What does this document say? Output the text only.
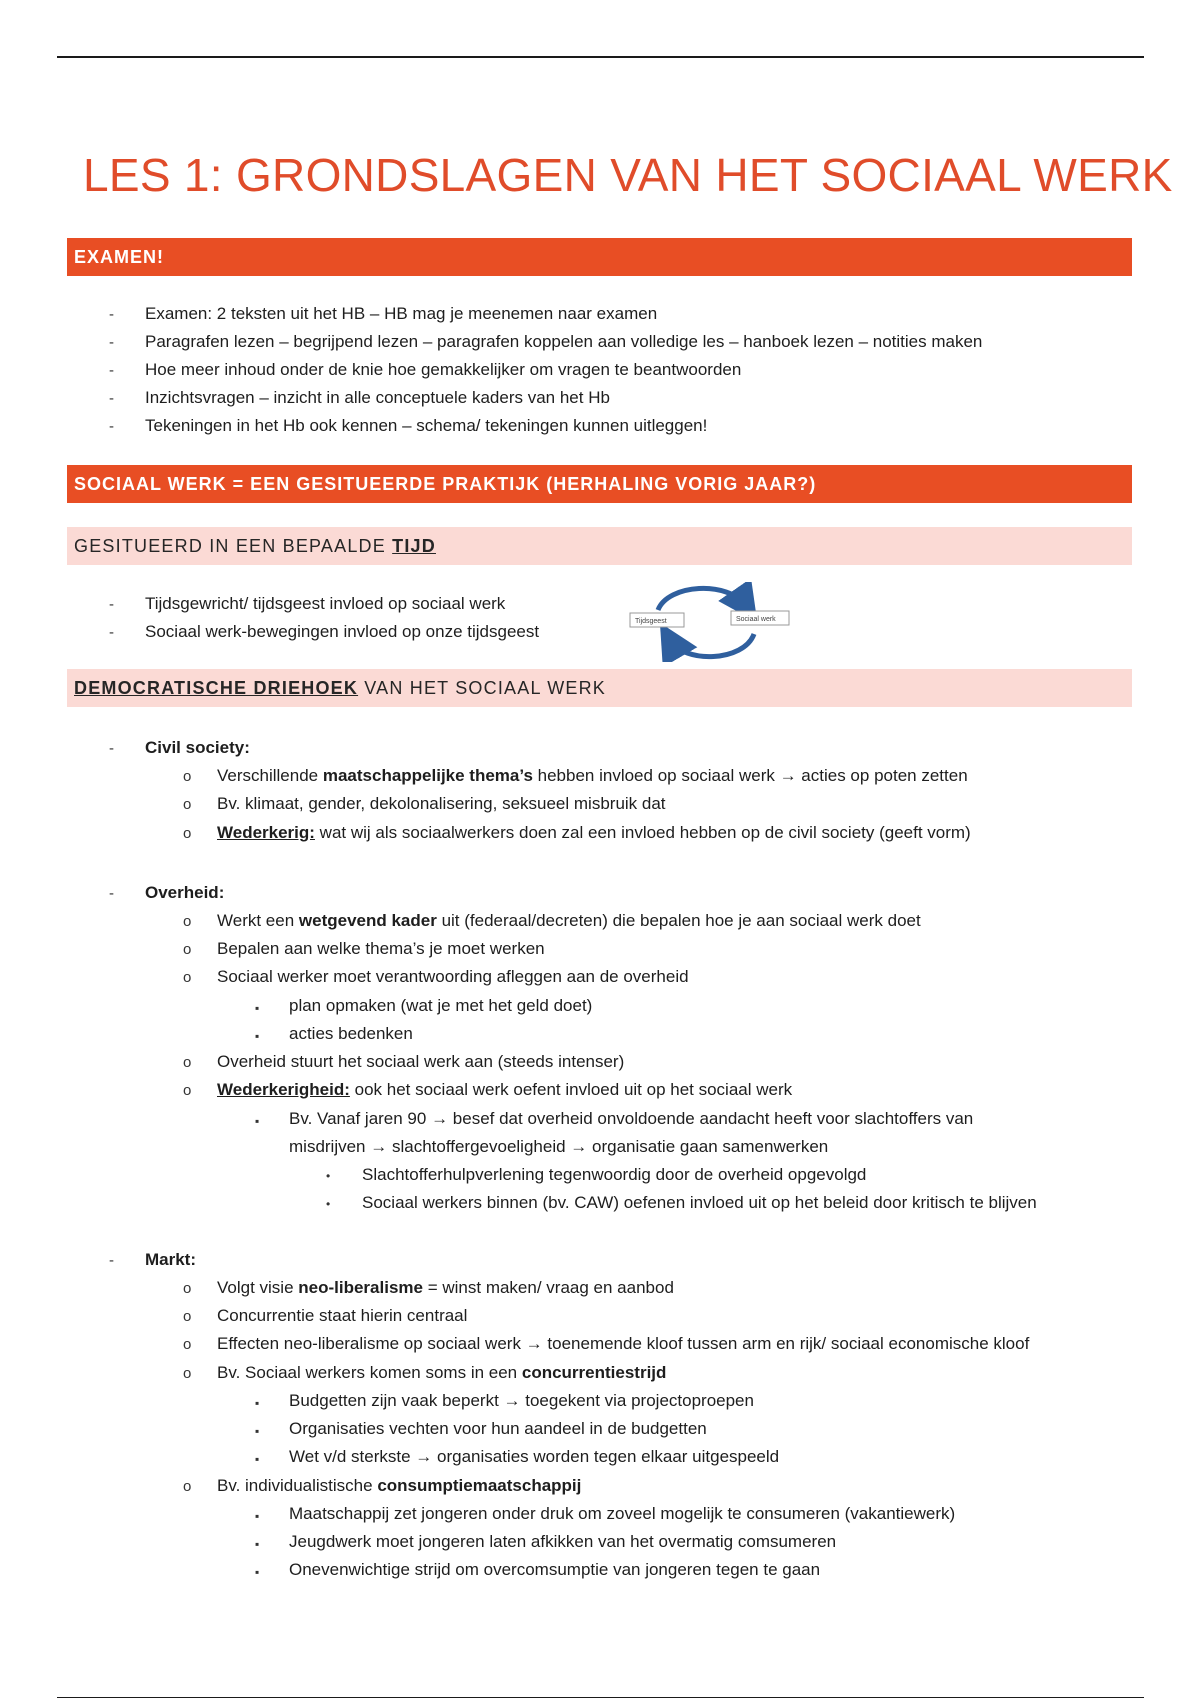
LES 1: GRONDSLAGEN VAN HET SOCIAAL WERK
EXAMEN!
- Examen: 2 teksten uit het HB – HB mag je meenemen naar examen
- Paragrafen lezen – begrijpend lezen – paragrafen koppelen aan volledige les – hanboek lezen – notities maken
- Hoe meer inhoud onder de knie hoe gemakkelijker om vragen te beantwoorden
- Inzichtsvragen – inzicht in alle conceptuele kaders van het Hb
- Tekeningen in het Hb ook kennen – schema/ tekeningen kunnen uitleggen!
SOCIAAL WERK = EEN GESITUEERDE PRAKTIJK (HERHALING VORIG JAAR?)
GESITUEERD IN EEN BEPAALDE TIJD
- Tijdsgewricht/ tijdsgeest invloed op sociaal werk
- Sociaal werk-bewegingen invloed op onze tijdsgeest
Tijdsgeest	Sociaal werk
DEMOCRATISCHE DRIEHOEK VAN HET SOCIAAL WERK
- Civil society:
o Verschillende maatschappelijke thema’s hebben invloed op sociaal werk → acties op poten zetten
o Bv. klimaat, gender, dekolonalisering, seksueel misbruik dat
o Wederkerig: wat wij als sociaalwerkers doen zal een invloed hebben op de civil society (geeft vorm)
- Overheid:
o Werkt een wetgevend kader uit (federaal/decreten) die bepalen hoe je aan sociaal werk doet
o Bepalen aan welke thema’s je moet werken
o Sociaal werker moet verantwoording afleggen aan de overheid
▪ plan opmaken (wat je met het geld doet)
▪ acties bedenken
o Overheid stuurt het sociaal werk aan (steeds intenser)
o Wederkerigheid: ook het sociaal werk oefent invloed uit op het sociaal werk
▪ Bv. Vanaf jaren 90 → besef dat overheid onvoldoende aandacht heeft voor slachtoffers van
misdrijven → slachtoffergevoeligheid → organisatie gaan samenwerken
• Slachtofferhulpverlening tegenwoordig door de overheid opgevolgd
• Sociaal werkers binnen (bv. CAW) oefenen invloed uit op het beleid door kritisch te blijven
- Markt:
o Volgt visie neo-liberalisme = winst maken/ vraag en aanbod
o Concurrentie staat hierin centraal
o Effecten neo-liberalisme op sociaal werk → toenemende kloof tussen arm en rijk/ sociaal economische kloof
o Bv. Sociaal werkers komen soms in een concurrentiestrijd
▪ Budgetten zijn vaak beperkt → toegekent via projectoproepen
▪ Organisaties vechten voor hun aandeel in de budgetten
▪ Wet v/d sterkste → organisaties worden tegen elkaar uitgespeeld
o Bv. individualistische consumptiemaatschappij
▪ Maatschappij zet jongeren onder druk om zoveel mogelijk te consumeren (vakantiewerk)
▪ Jeugdwerk moet jongeren laten afkikken van het overmatig comsumeren
▪ Onevenwichtige strijd om overcomsumptie van jongeren tegen te gaan
